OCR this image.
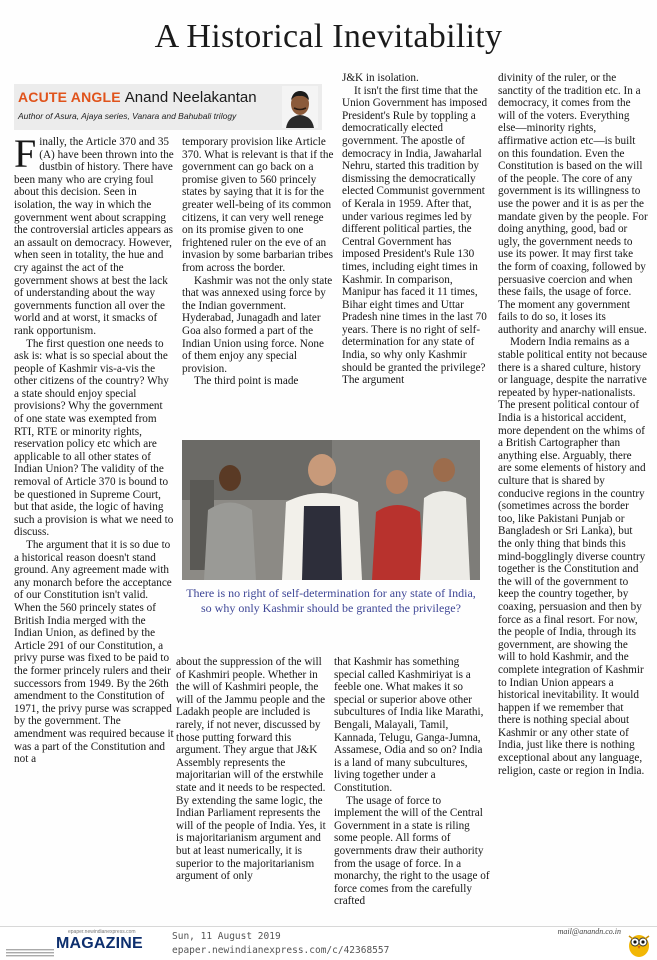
A Historical Inevitability
ACUTE ANGLE Anand Neelakantan
Author of Asura, Ajaya series, Vanara and Bahubali trilogy

Finally, the Article 370 and 35 (A) have been thrown into the dustbin of history. There have been many who are crying foul about this decision. Seen in isolation, the way in which the government went about scrapping the controversial articles appears as an assault on democracy. However, when seen in totality, the hue and cry against the act of the government shows at best the lack of understanding about the way governments function all over the world and at worst, it smacks of rank opportunism.

The first question one needs to ask is: what is so special about the people of Kashmir vis-a-vis the other citizens of the country? Why a state should enjoy special provisions? Why the government of one state was exempted from RTI, RTE or minority rights, reservation policy etc which are applicable to all other states of Indian Union? The validity of the removal of Article 370 is bound to be questioned in Supreme Court, but that aside, the logic of having such a provision is what we need to discuss.

The argument that it is so due to a historical reason doesn't stand ground. Any agreement made with any monarch before the acceptance of our Constitution isn't valid. When the 560 princely states of British India merged with the Indian Union, as defined by the Article 291 of our Constitution, a privy purse was fixed to be paid to the former princely rulers and their successors from 1949. By the 26th amendment to the Constitution of 1971, the privy purse was scrapped by the government. The amendment was required because it was a part of the Constitution and not a

temporary provision like Article 370. What is relevant is that if the government can go back on a promise given to 560 princely states by saying that it is for the greater well-being of its common citizens, it can very well renege on its promise given to one frightened ruler on the eve of an invasion by some barbarian tribes from across the border.

Kashmir was not the only state that was annexed using force by the Indian government. Hyderabad, Junagadh and later Goa also formed a part of the Indian Union using force. None of them enjoy any special provision.

The third point is made

J&K in isolation.

It isn't the first time that the Union Government has imposed President's Rule by toppling a democratically elected government. The apostle of democracy in India, Jawaharlal Nehru, started this tradition by dismissing the democratically elected Communist government of Kerala in 1959. After that, under various regimes led by different political parties, the Central Government has imposed President's Rule 130 times, including eight times in Kashmir. In comparison, Manipur has faced it 11 times, Bihar eight times and Uttar Pradesh nine times in the last 70 years. There is no right of self-determination for any state of India, so why only Kashmir should be granted the privilege? The argument

divinity of the ruler, or the sanctity of the tradition etc. In a democracy, it comes from the will of the voters. Everything else—minority rights, affirmative action etc—is built on this foundation. Even the Constitution is based on the will of the people. The core of any government is its willingness to use the power and it is as per the mandate given by the people. For doing anything, good, bad or ugly, the government needs to use its power. It may first take the form of coaxing, followed by persuasive coercion and when these fails, the usage of force. The moment any government fails to do so, it loses its authority and anarchy will ensue.

Modern India remains as a stable political entity not because there is a shared culture, history or language, despite the narrative repeated by hyper-nationalists. The present political contour of India is a historical accident, more dependent on the whims of a British Cartographer than anything else. Arguably, there are some elements of history and culture that is shared by conducive regions in the country (sometimes across the border too, like Pakistani Punjab or Bangladesh or Sri Lanka), but the only thing that binds this mind-bogglingly diverse country together is the Constitution and the will of the government to keep the country together, by coaxing, persuasion and then by force as a final resort. For now, the people of India, through its government, are showing the will to hold Kashmir, and the complete integration of Kashmir to Indian Union appears a historical inevitability. It would happen if we remember that there is nothing special about Kashmir or any other state of India, just like there is nothing exceptional about any language, religion, caste or region in India.

There is no right of self-determination for any state of India, so why only Kashmir should be granted the privilege?

about the suppression of the will of Kashmiri people. Whether in the will of Kashmiri people, the will of the Jammu people and the Ladakh people are included is rarely, if not never, discussed by those putting forward this argument. They argue that J&K Assembly represents the majoritarian will of the erstwhile state and it needs to be respected. By extending the same logic, the Indian Parliament represents the will of the people of India. Yes, it is majoritarianism argument and but at least numerically, it is superior to the majoritarianism argument of only

that Kashmir has something special called Kashmiriyat is a feeble one. What makes it so special or superior above other subcultures of India like Marathi, Bengali, Malayali, Tamil, Kannada, Telugu, Ganga-Jumna, Assamese, Odia and so on? India is a land of many subcultures, living together under a Constitution.

The usage of force to implement the will of the Central Government in a state is riling some people. All forms of governments draw their authority from the usage of force. In a monarchy, the right to the usage of force comes from the carefully crafted

epaper.newindianexpress.com
MAGAZINE	Sun, 11 August 2019
epaper.newindianexpress.com/c/42368557
mail@anandn.co.in
